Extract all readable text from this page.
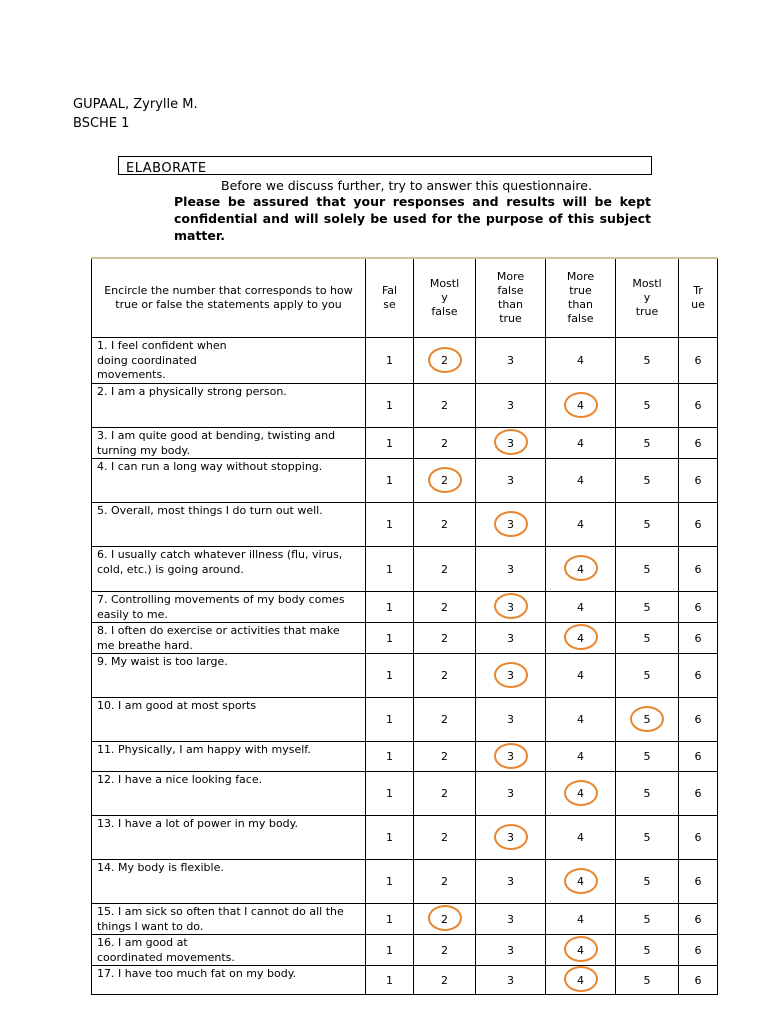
GUPAAL, Zyrylle M.
BSCHE 1
ELABORATE
Before we discuss further, try to answer this questionnaire.
Please be assured that your responses and results will be kept confidential and will solely be used for the purpose of this subject matter.
Encircle the number that corresponds to how true or false the statements apply to you	Fal
se	Mostl
y
false	More
false
than
true	More
true
than
false	Mostl
y
true	Tr
ue
1. I feel confident when
doing coordinated
movements.	1	2	3	4	5	6
2. I am a physically strong person.	1	2	3	4	5	6
3. I am quite good at bending, twisting and turning my body.	1	2	3	4	5	6
4. I can run a long way without stopping.	1	2	3	4	5	6
5. Overall, most things I do turn out well.	1	2	3	4	5	6
6. I usually catch whatever illness (flu, virus, cold, etc.) is going around.	1	2	3	4	5	6
7. Controlling movements of my body comes easily to me.	1	2	3	4	5	6
8. I often do exercise or activities that make me breathe hard.	1	2	3	4	5	6
9. My waist is too large.	1	2	3	4	5	6
10. I am good at most sports	1	2	3	4	5	6
11. Physically, I am happy with myself.	1	2	3	4	5	6
12. I have a nice looking face.	1	2	3	4	5	6
13. I have a lot of power in my body.	1	2	3	4	5	6
14. My body is flexible.	1	2	3	4	5	6
15. I am sick so often that I cannot do all the things I want to do.	1	2	3	4	5	6
16. I am good at
coordinated movements.	1	2	3	4	5	6
17. I have too much fat on my body.	1	2	3	4	5	6
